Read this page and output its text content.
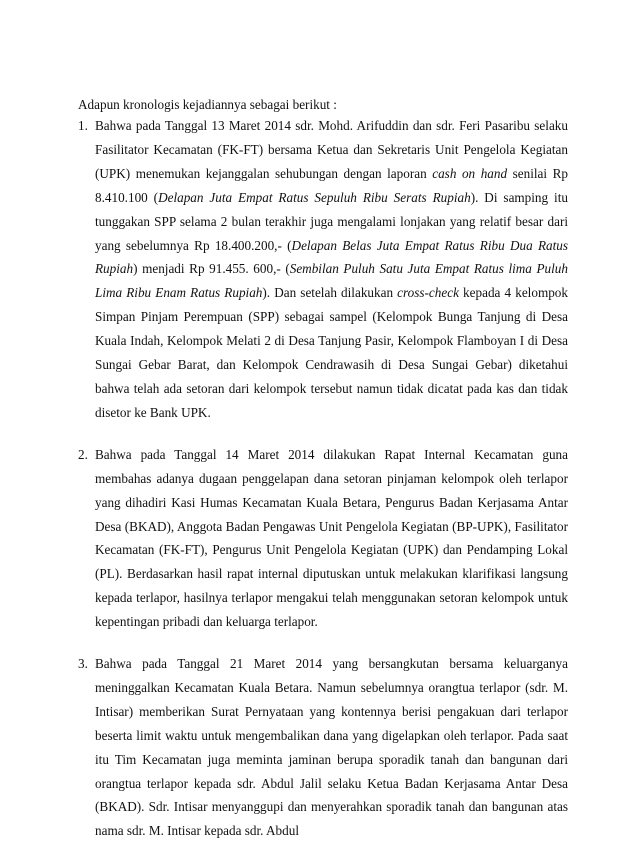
Adapun kronologis kejadiannya sebagai berikut :
1. Bahwa pada Tanggal 13 Maret 2014 sdr. Mohd. Arifuddin dan sdr. Feri Pasaribu selaku Fasilitator Kecamatan (FK-FT) bersama Ketua dan Sekretaris Unit Pengelola Kegiatan (UPK) menemukan kejanggalan sehubungan dengan laporan cash on hand senilai Rp 8.410.100 (Delapan Juta Empat Ratus Sepuluh Ribu Serats Rupiah). Di samping itu tunggakan SPP selama 2 bulan terakhir juga mengalami lonjakan yang relatif besar dari yang sebelumnya Rp 18.400.200,- (Delapan Belas Juta Empat Ratus Ribu Dua Ratus Rupiah) menjadi Rp 91.455. 600,- (Sembilan Puluh Satu Juta Empat Ratus lima Puluh Lima Ribu Enam Ratus Rupiah). Dan setelah dilakukan cross-check kepada 4 kelompok Simpan Pinjam Perempuan (SPP) sebagai sampel (Kelompok Bunga Tanjung di Desa Kuala Indah, Kelompok Melati 2 di Desa Tanjung Pasir, Kelompok Flamboyan I di Desa Sungai Gebar Barat, dan Kelompok Cendrawasih di Desa Sungai Gebar) diketahui bahwa telah ada setoran dari kelompok tersebut namun tidak dicatat pada kas dan tidak disetor ke Bank UPK.
2. Bahwa pada Tanggal 14 Maret 2014 dilakukan Rapat Internal Kecamatan guna membahas adanya dugaan penggelapan dana setoran pinjaman kelompok oleh terlapor yang dihadiri Kasi Humas Kecamatan Kuala Betara, Pengurus Badan Kerjasama Antar Desa (BKAD), Anggota Badan Pengawas Unit Pengelola Kegiatan (BP-UPK), Fasilitator Kecamatan (FK-FT), Pengurus Unit Pengelola Kegiatan (UPK) dan Pendamping Lokal (PL). Berdasarkan hasil rapat internal diputuskan untuk melakukan klarifikasi langsung kepada terlapor, hasilnya terlapor mengakui telah menggunakan setoran kelompok untuk kepentingan pribadi dan keluarga terlapor.
3. Bahwa pada Tanggal 21 Maret 2014 yang bersangkutan bersama keluarganya meninggalkan Kecamatan Kuala Betara. Namun sebelumnya orangtua terlapor (sdr. M. Intisar) memberikan Surat Pernyataan yang kontennya berisi pengakuan dari terlapor beserta limit waktu untuk mengembalikan dana yang digelapkan oleh terlapor. Pada saat itu Tim Kecamatan juga meminta jaminan berupa sporadik tanah dan bangunan dari orangtua terlapor kepada sdr. Abdul Jalil selaku Ketua Badan Kerjasama Antar Desa (BKAD). Sdr. Intisar menyanggupi dan menyerahkan sporadik tanah dan bangunan atas nama sdr. M. Intisar kepada sdr. Abdul
